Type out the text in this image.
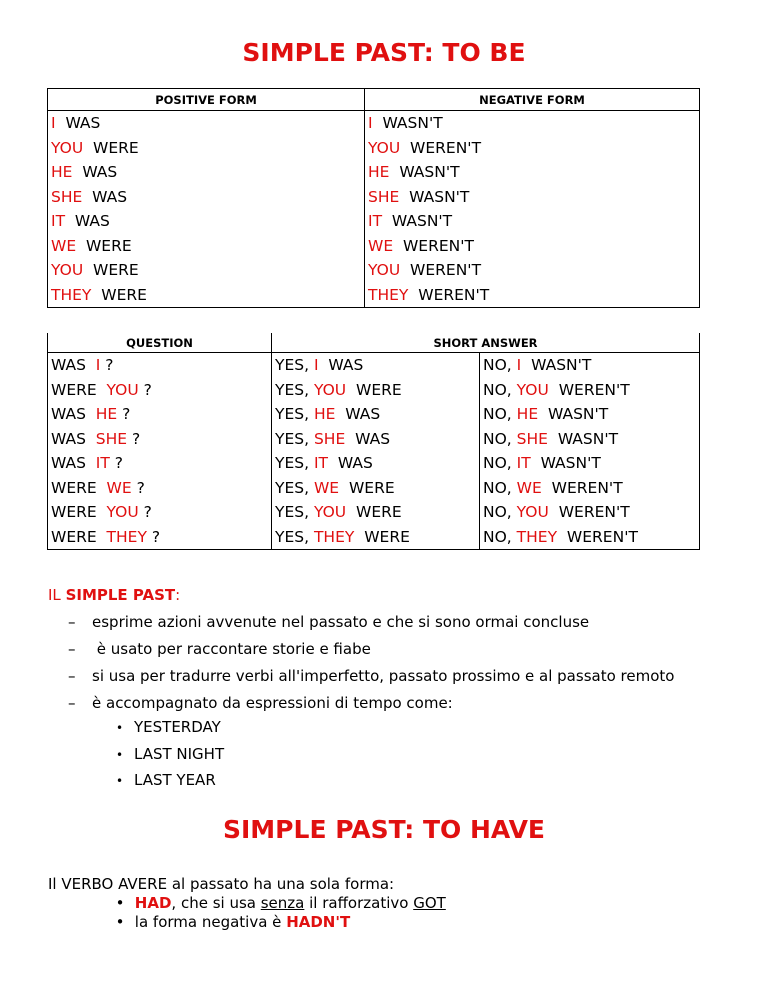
SIMPLE PAST: TO BE
POSITIVE FORM	NEGATIVE FORM
I WAS	I WASN'T
YOU WERE	YOU WEREN'T
HE WAS	HE WASN'T
SHE WAS	SHE WASN'T
IT WAS	IT WASN'T
WE WERE	WE WEREN'T
YOU WERE	YOU WEREN'T
THEY WERE	THEY WEREN'T
QUESTION	SHORT ANSWER	
WAS I ?	YES, I WAS	NO, I WASN'T
WERE YOU ?	YES, YOU WERE	NO, YOU WEREN'T
WAS HE ?	YES, HE WAS	NO, HE WASN'T
WAS SHE ?	YES, SHE WAS	NO, SHE WASN'T
WAS IT ?	YES, IT WAS	NO, IT WASN'T
WERE WE ?	YES, WE WERE	NO, WE WEREN'T
WERE YOU ?	YES, YOU WERE	NO, YOU WEREN'T
WERE THEY ?	YES, THEY WERE	NO, THEY WEREN'T
IL SIMPLE PAST:
– esprime azioni avvenute nel passato e che si sono ormai concluse
– è usato per raccontare storie e fiabe
– si usa per tradurre verbi all'imperfetto, passato prossimo e al passato remoto
– è accompagnato da espressioni di tempo come:
• YESTERDAY
• LAST NIGHT
• LAST YEAR
SIMPLE PAST: TO HAVE
Il VERBO AVERE al passato ha una sola forma:
• HAD, che si usa senza il rafforzativo GOT
• la forma negativa è HADN'T
